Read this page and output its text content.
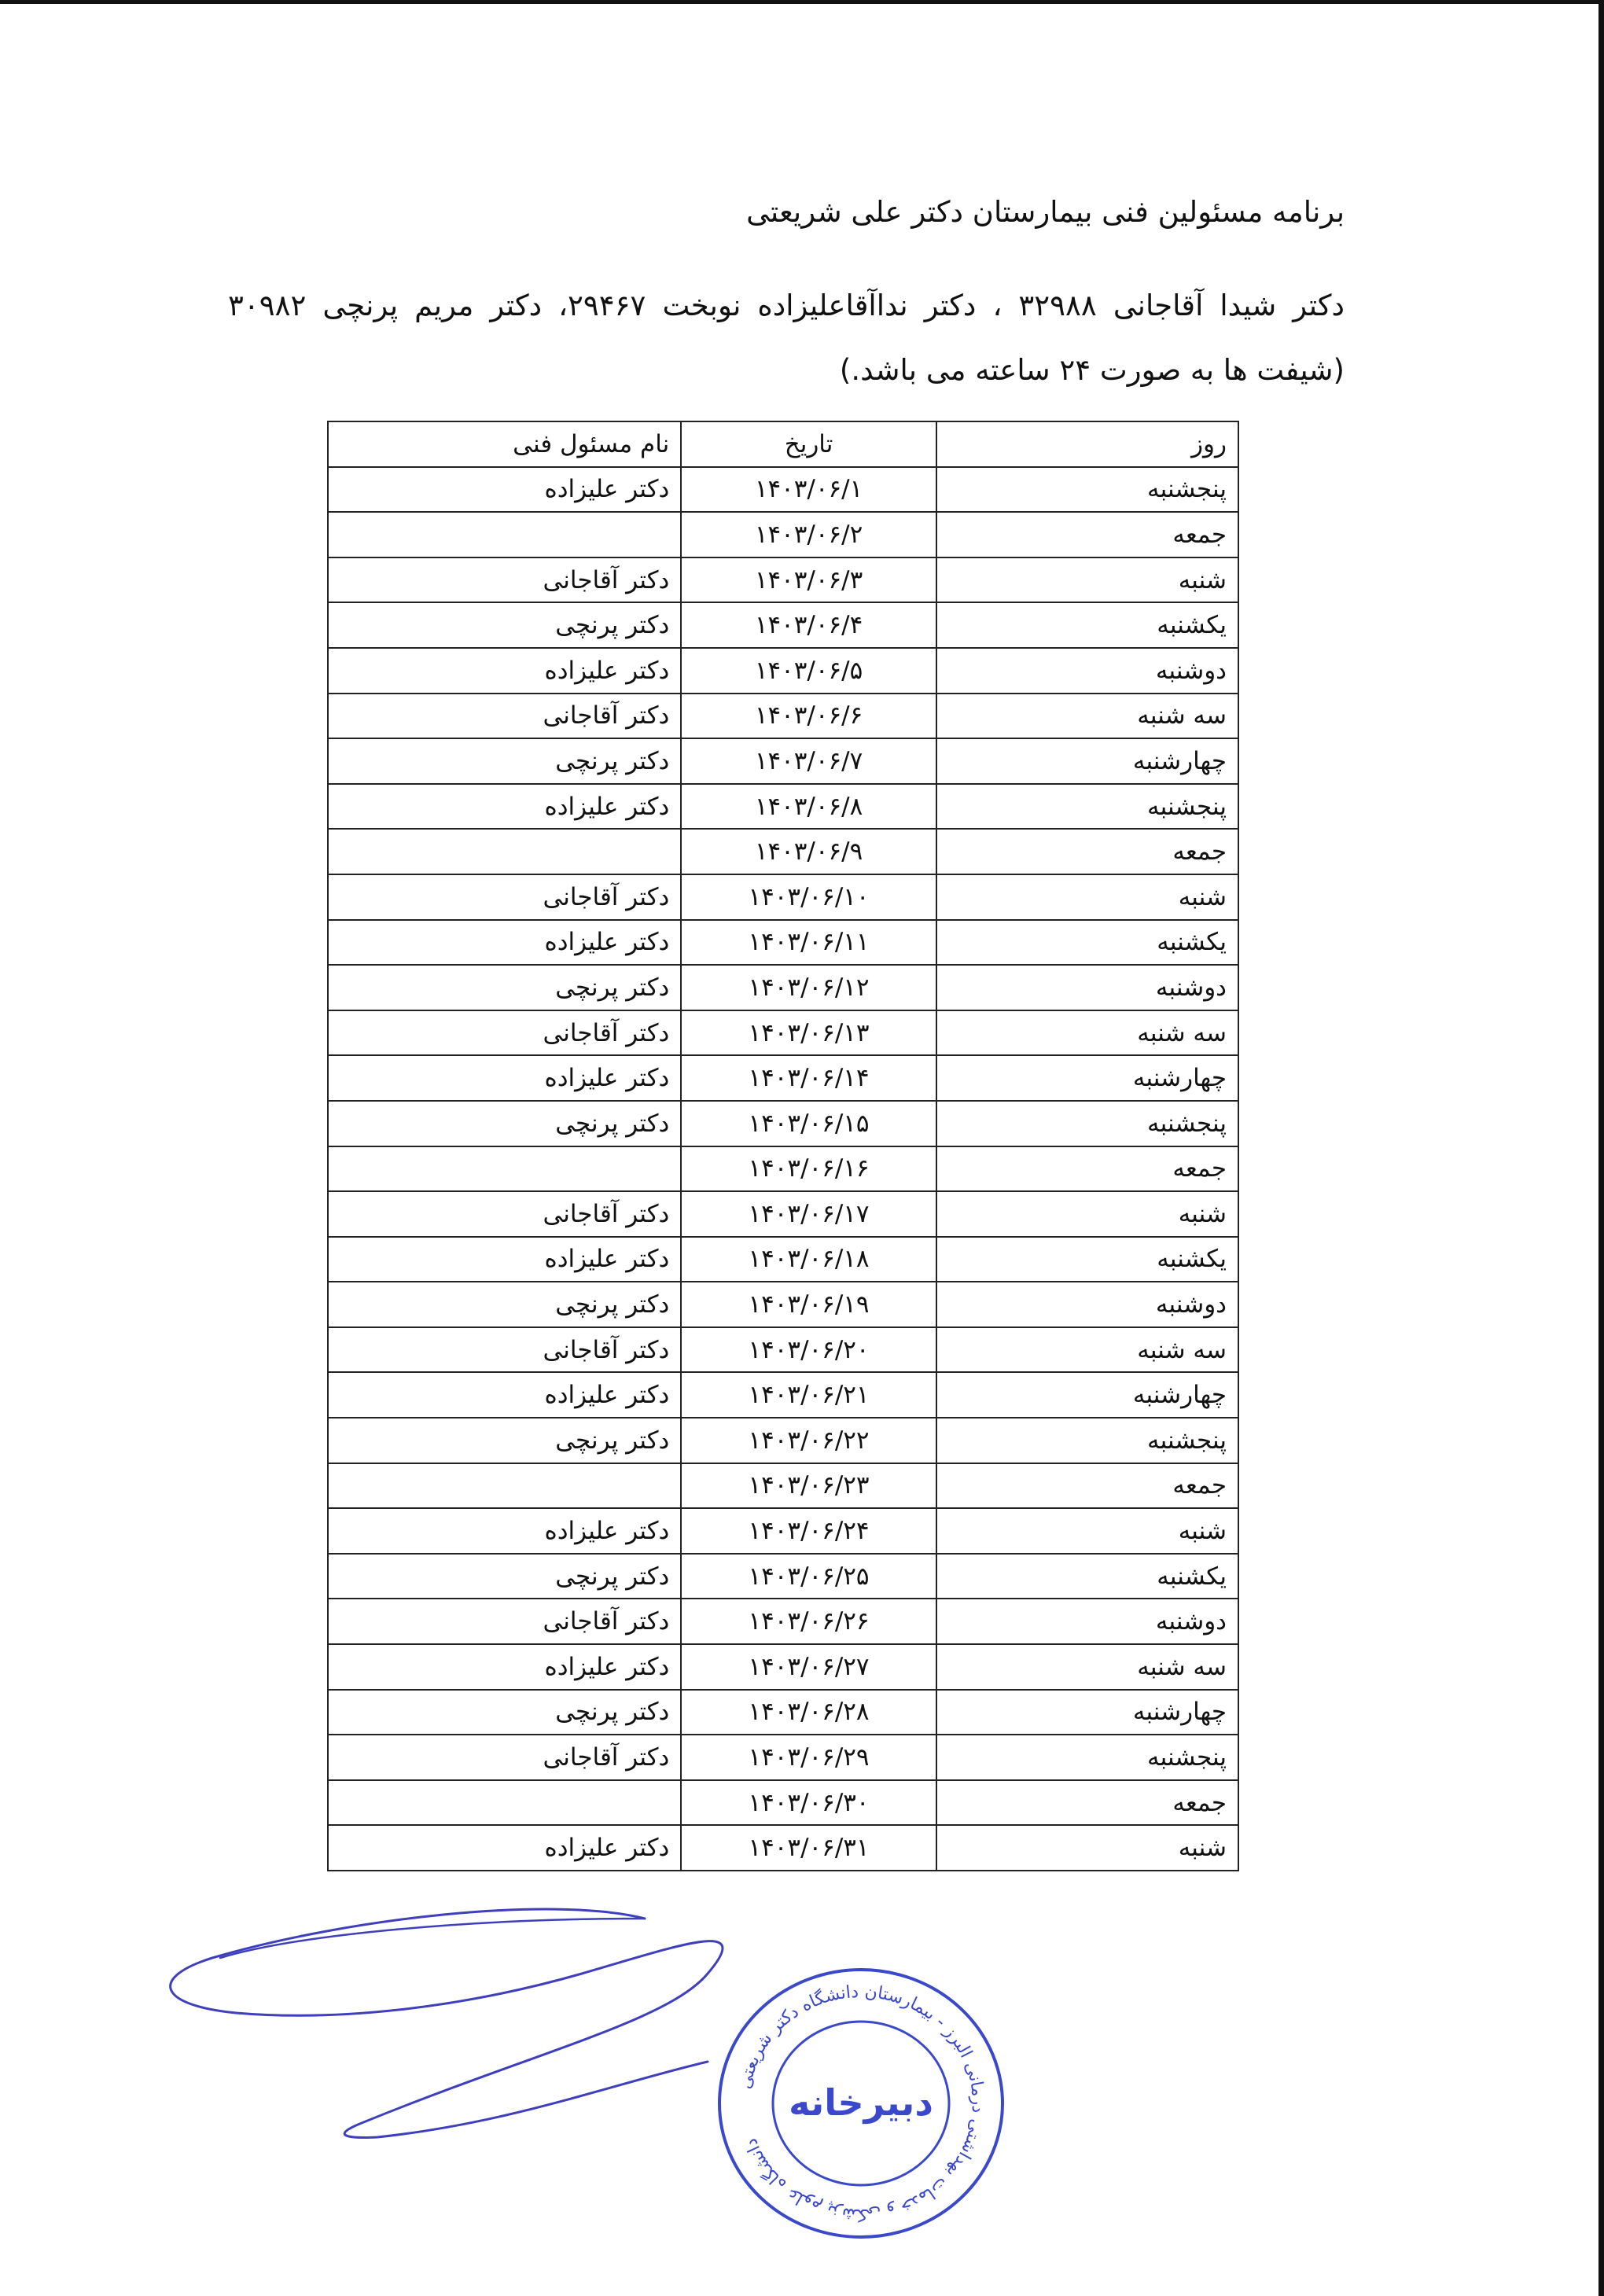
برنامه مسئولین فنی بیمارستان دکتر علی شریعتی
دکتر شیدا آقاجانی ۳۲۹۸۸ ، دکتر نداآقاعلیزاده نوبخت ۲۹۴۶۷، دکتر مریم پرنچی ۳۰۹۸۲ (شیفت ها به صورت ۲۴ ساعته می باشد.)
روز	تاریخ	نام مسئول فنی
پنجشنبه	۱۴۰۳/۰۶/۱	دکتر علیزاده
جمعه	۱۴۰۳/۰۶/۲	
شنبه	۱۴۰۳/۰۶/۳	دکتر آقاجانی
یکشنبه	۱۴۰۳/۰۶/۴	دکتر پرنچی
دوشنبه	۱۴۰۳/۰۶/۵	دکتر علیزاده
سه شنبه	۱۴۰۳/۰۶/۶	دکتر آقاجانی
چهارشنبه	۱۴۰۳/۰۶/۷	دکتر پرنچی
پنجشنبه	۱۴۰۳/۰۶/۸	دکتر علیزاده
جمعه	۱۴۰۳/۰۶/۹	
شنبه	۱۴۰۳/۰۶/۱۰	دکتر آقاجانی
یکشنبه	۱۴۰۳/۰۶/۱۱	دکتر علیزاده
دوشنبه	۱۴۰۳/۰۶/۱۲	دکتر پرنچی
سه شنبه	۱۴۰۳/۰۶/۱۳	دکتر آقاجانی
چهارشنبه	۱۴۰۳/۰۶/۱۴	دکتر علیزاده
پنجشنبه	۱۴۰۳/۰۶/۱۵	دکتر پرنچی
جمعه	۱۴۰۳/۰۶/۱۶	
شنبه	۱۴۰۳/۰۶/۱۷	دکتر آقاجانی
یکشنبه	۱۴۰۳/۰۶/۱۸	دکتر علیزاده
دوشنبه	۱۴۰۳/۰۶/۱۹	دکتر پرنچی
سه شنبه	۱۴۰۳/۰۶/۲۰	دکتر آقاجانی
چهارشنبه	۱۴۰۳/۰۶/۲۱	دکتر علیزاده
پنجشنبه	۱۴۰۳/۰۶/۲۲	دکتر پرنچی
جمعه	۱۴۰۳/۰۶/۲۳	
شنبه	۱۴۰۳/۰۶/۲۴	دکتر علیزاده
یکشنبه	۱۴۰۳/۰۶/۲۵	دکتر پرنچی
دوشنبه	۱۴۰۳/۰۶/۲۶	دکتر آقاجانی
سه شنبه	۱۴۰۳/۰۶/۲۷	دکتر علیزاده
چهارشنبه	۱۴۰۳/۰۶/۲۸	دکتر پرنچی
پنجشنبه	۱۴۰۳/۰۶/۲۹	دکتر آقاجانی
جمعه	۱۴۰۳/۰۶/۳۰	
شنبه	۱۴۰۳/۰۶/۳۱	دکتر علیزاده
دانشگاه علوم پزشکی و خدمات بهداشتی درمانی البرز - بیمارستان دانشگاه دکتر شریعتی
دبیرخانه
